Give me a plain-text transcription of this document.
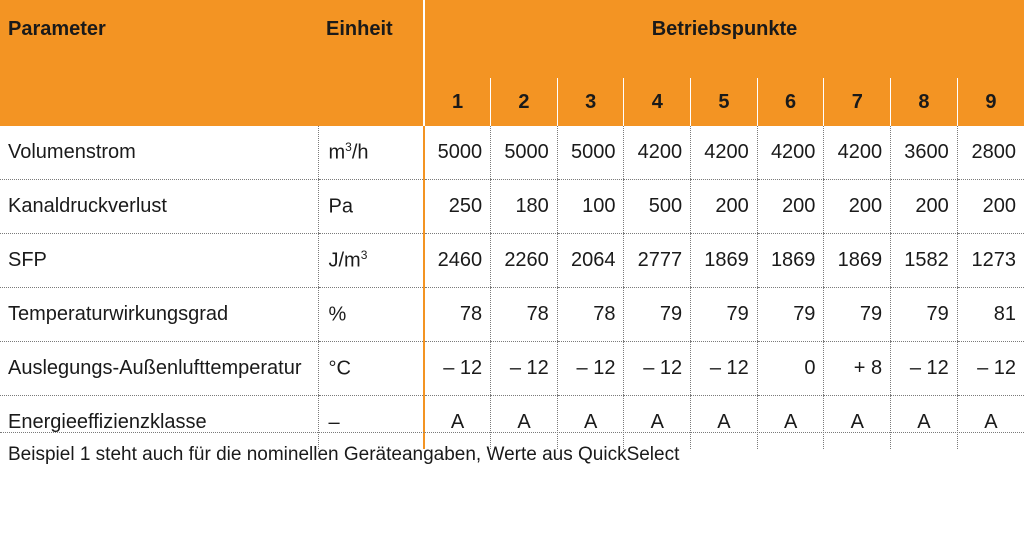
Parameter	Einheit	Betriebspunkte								
		1	2	3	4	5	6	7	8	9
Volumenstrom	$m^3/h$	5000	5000	5000	4200	4200	4200	4200	3600	2800
Kanaldruckverlust	Pa	250	180	100	500	200	200	200	200	200
SFP	$J/m^3$	2460	2260	2064	2777	1869	1869	1869	1582	1273
Temperaturwirkungsgrad	%	78	78	78	79	79	79	79	79	81
Auslegungs-Außenlufttemperatur	°C	– 12	– 12	– 12	– 12	– 12	0	+ 8	– 12	– 12
Energieeffizienzklasse	–	A	A	A	A	A	A	A	A	A
Beispiel 1 steht auch für die nominellen Geräteangaben, Werte aus QuickSelect
